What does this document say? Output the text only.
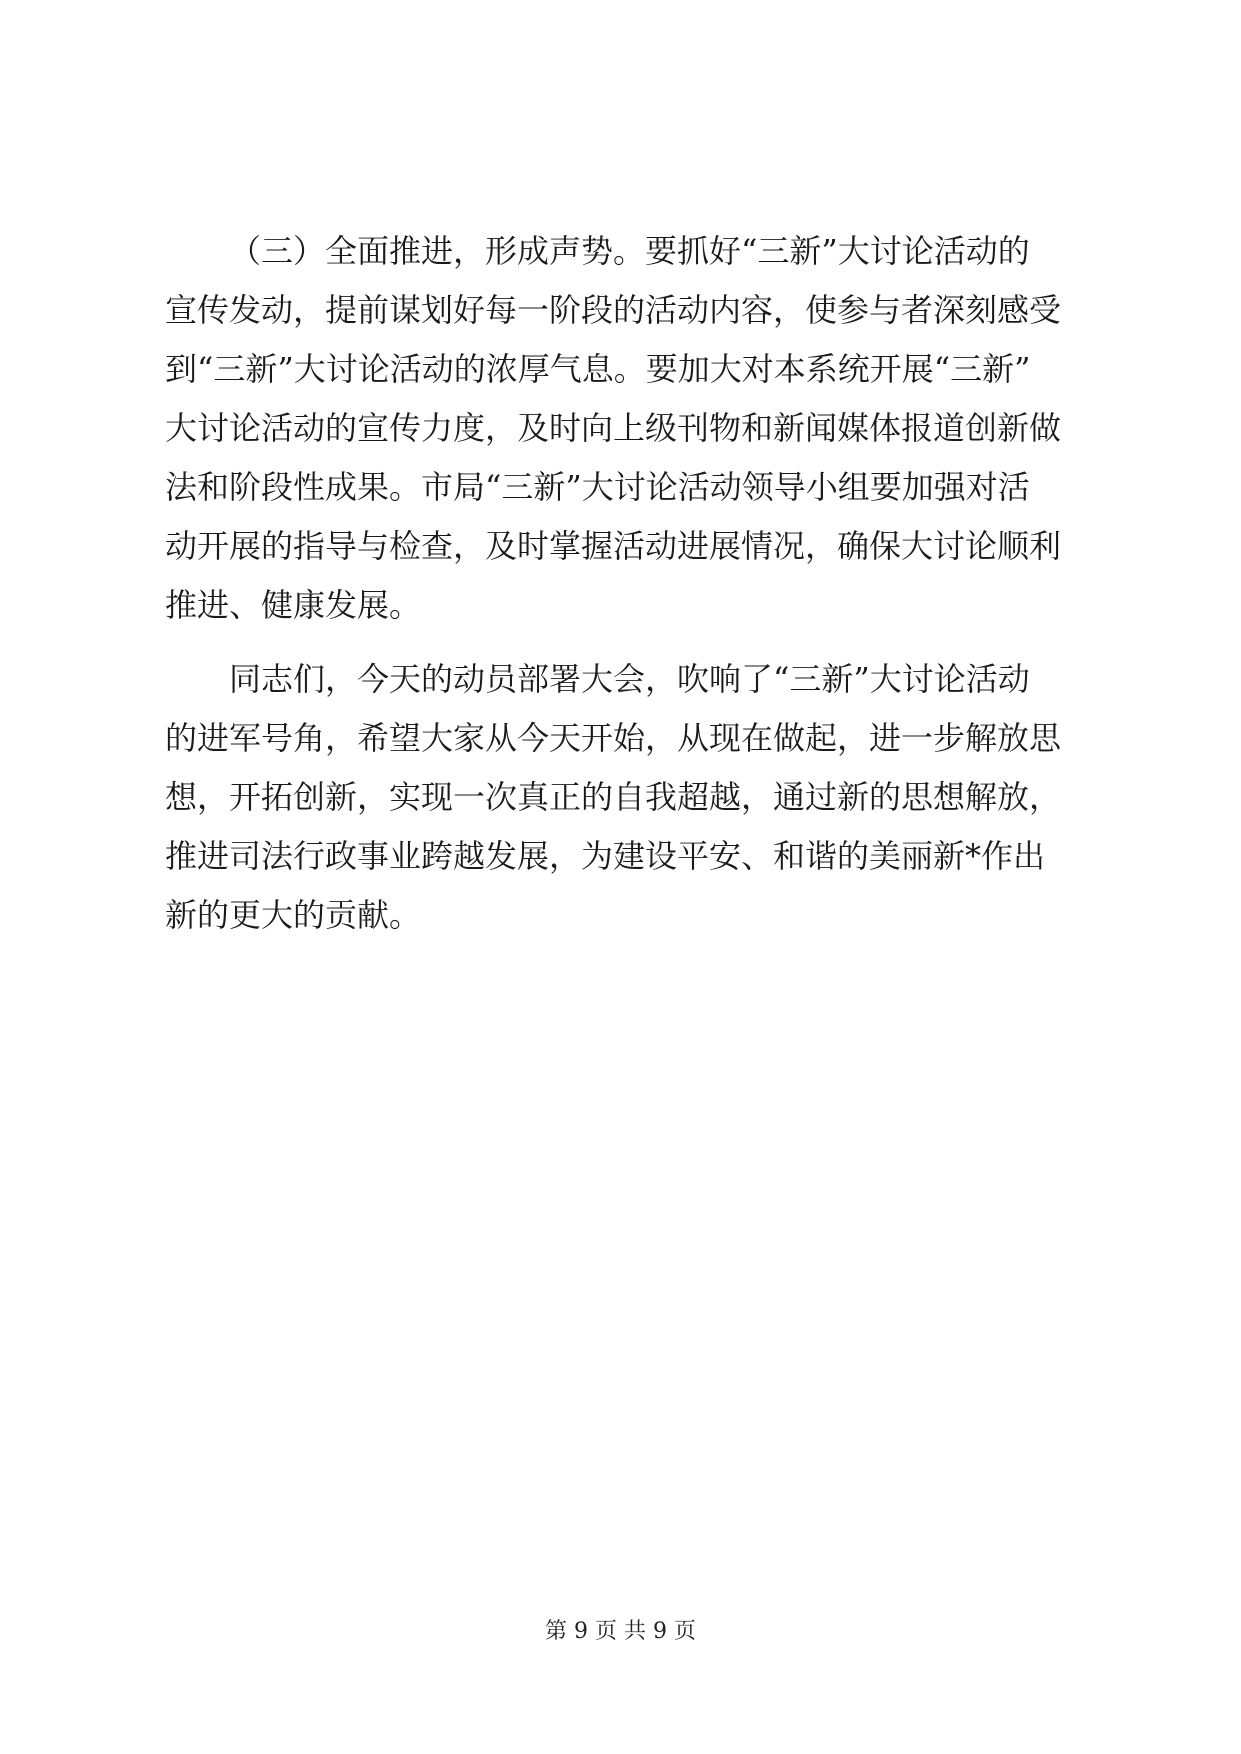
（三）全面推进，形成声势。要抓好“三新”大讨论活动的
宣传发动，提前谋划好每一阶段的活动内容，使参与者深刻感受
到“三新”大讨论活动的浓厚气息。要加大对本系统开展“三新”
大讨论活动的宣传力度，及时向上级刊物和新闻媒体报道创新做
法和阶段性成果。市局“三新”大讨论活动领导小组要加强对活
动开展的指导与检查，及时掌握活动进展情况，确保大讨论顺利
推进、健康发展。
同志们，今天的动员部署大会，吹响了“三新”大讨论活动
的进军号角，希望大家从今天开始，从现在做起，进一步解放思
想，开拓创新，实现一次真正的自我超越，通过新的思想解放，
推进司法行政事业跨越发展，为建设平安、和谐的美丽新*作出
新的更大的贡献。
第 9 页 共 9 页
